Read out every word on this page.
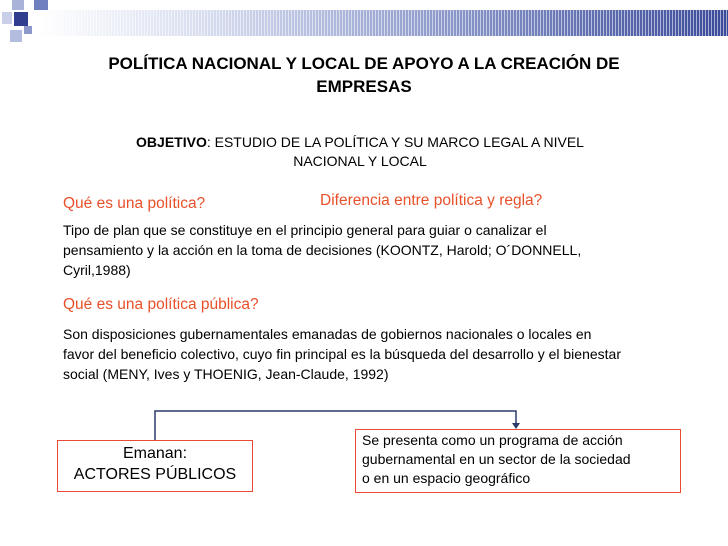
POLÍTICA NACIONAL Y LOCAL DE APOYO A LA CREACIÓN DE
EMPRESAS
OBJETIVO: ESTUDIO DE LA POLÍTICA Y SU MARCO LEGAL A NIVEL
NACIONAL Y LOCAL
Qué es una política?	Diferencia entre política y regla?
Tipo de plan que se constituye en el principio general para guiar o canalizar el
pensamiento y la acción en la toma de decisiones (KOONTZ, Harold; O´DONNELL,
Cyril,1988)
Qué es una política pública?
Son disposiciones gubernamentales emanadas de gobiernos nacionales o locales en
favor del beneficio colectivo, cuyo fin principal es la búsqueda del desarrollo y el bienestar
social (MENY, Ives y THOENIG, Jean-Claude, 1992)
Emanan:
ACTORES PÚBLICOS
Se presenta como un programa de acción
gubernamental en un sector de la sociedad
o en un espacio geográfico
